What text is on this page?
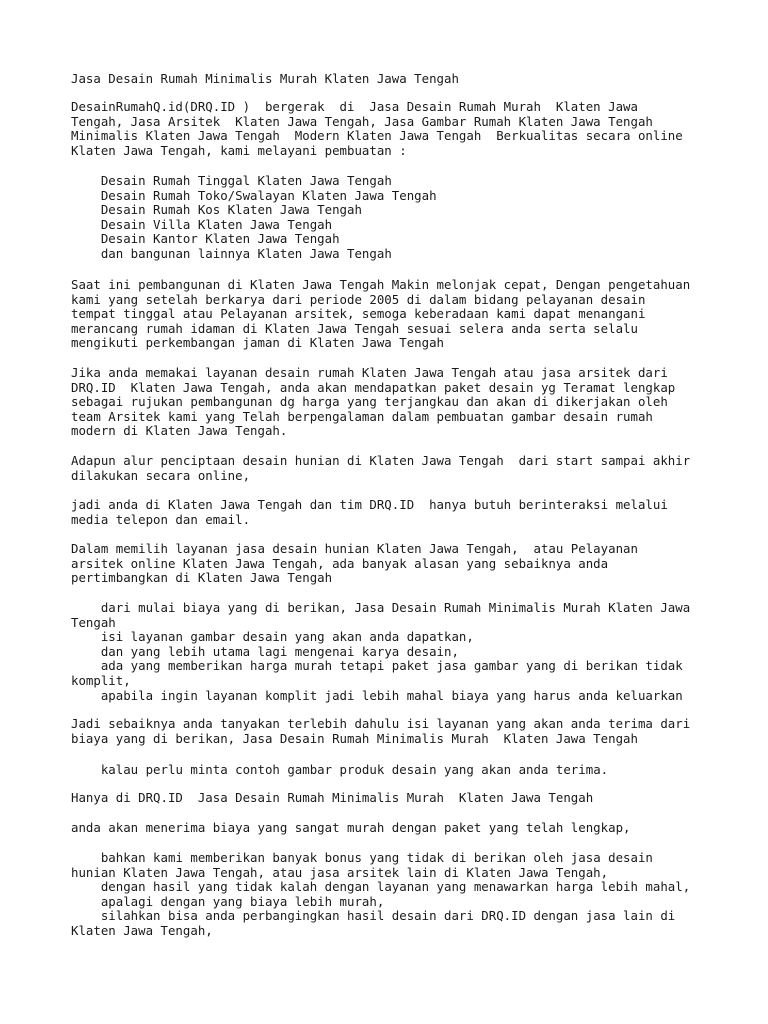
Jasa Desain Rumah Minimalis Murah Klaten Jawa Tengah

DesainRumahQ.id(DRQ.ID )  bergerak  di  Jasa Desain Rumah Murah  Klaten Jawa
Tengah, Jasa Arsitek  Klaten Jawa Tengah, Jasa Gambar Rumah Klaten Jawa Tengah
Minimalis Klaten Jawa Tengah  Modern Klaten Jawa Tengah  Berkualitas secara online
Klaten Jawa Tengah, kami melayani pembuatan :

Desain Rumah Tinggal Klaten Jawa Tengah
Desain Rumah Toko/Swalayan Klaten Jawa Tengah
Desain Rumah Kos Klaten Jawa Tengah
Desain Villa Klaten Jawa Tengah
Desain Kantor Klaten Jawa Tengah
dan bangunan lainnya Klaten Jawa Tengah

Saat ini pembangunan di Klaten Jawa Tengah Makin melonjak cepat, Dengan pengetahuan
kami yang setelah berkarya dari periode 2005 di dalam bidang pelayanan desain
tempat tinggal atau Pelayanan arsitek, semoga keberadaan kami dapat menangani
merancang rumah idaman di Klaten Jawa Tengah sesuai selera anda serta selalu
mengikuti perkembangan jaman di Klaten Jawa Tengah

Jika anda memakai layanan desain rumah Klaten Jawa Tengah atau jasa arsitek dari
DRQ.ID  Klaten Jawa Tengah, anda akan mendapatkan paket desain yg Teramat lengkap
sebagai rujukan pembangunan dg harga yang terjangkau dan akan di dikerjakan oleh
team Arsitek kami yang Telah berpengalaman dalam pembuatan gambar desain rumah
modern di Klaten Jawa Tengah.

Adapun alur penciptaan desain hunian di Klaten Jawa Tengah  dari start sampai akhir
dilakukan secara online,

jadi anda di Klaten Jawa Tengah dan tim DRQ.ID  hanya butuh berinteraksi melalui
media telepon dan email.

Dalam memilih layanan jasa desain hunian Klaten Jawa Tengah,  atau Pelayanan
arsitek online Klaten Jawa Tengah, ada banyak alasan yang sebaiknya anda
pertimbangkan di Klaten Jawa Tengah

dari mulai biaya yang di berikan, Jasa Desain Rumah Minimalis Murah Klaten Jawa
Tengah
isi layanan gambar desain yang akan anda dapatkan,
dan yang lebih utama lagi mengenai karya desain,
ada yang memberikan harga murah tetapi paket jasa gambar yang di berikan tidak
komplit,
apabila ingin layanan komplit jadi lebih mahal biaya yang harus anda keluarkan

Jadi sebaiknya anda tanyakan terlebih dahulu isi layanan yang akan anda terima dari
biaya yang di berikan, Jasa Desain Rumah Minimalis Murah  Klaten Jawa Tengah

kalau perlu minta contoh gambar produk desain yang akan anda terima.

Hanya di DRQ.ID  Jasa Desain Rumah Minimalis Murah  Klaten Jawa Tengah

anda akan menerima biaya yang sangat murah dengan paket yang telah lengkap,

bahkan kami memberikan banyak bonus yang tidak di berikan oleh jasa desain
hunian Klaten Jawa Tengah, atau jasa arsitek lain di Klaten Jawa Tengah,
dengan hasil yang tidak kalah dengan layanan yang menawarkan harga lebih mahal,
apalagi dengan yang biaya lebih murah,
silahkan bisa anda perbangingkan hasil desain dari DRQ.ID dengan jasa lain di
Klaten Jawa Tengah,
